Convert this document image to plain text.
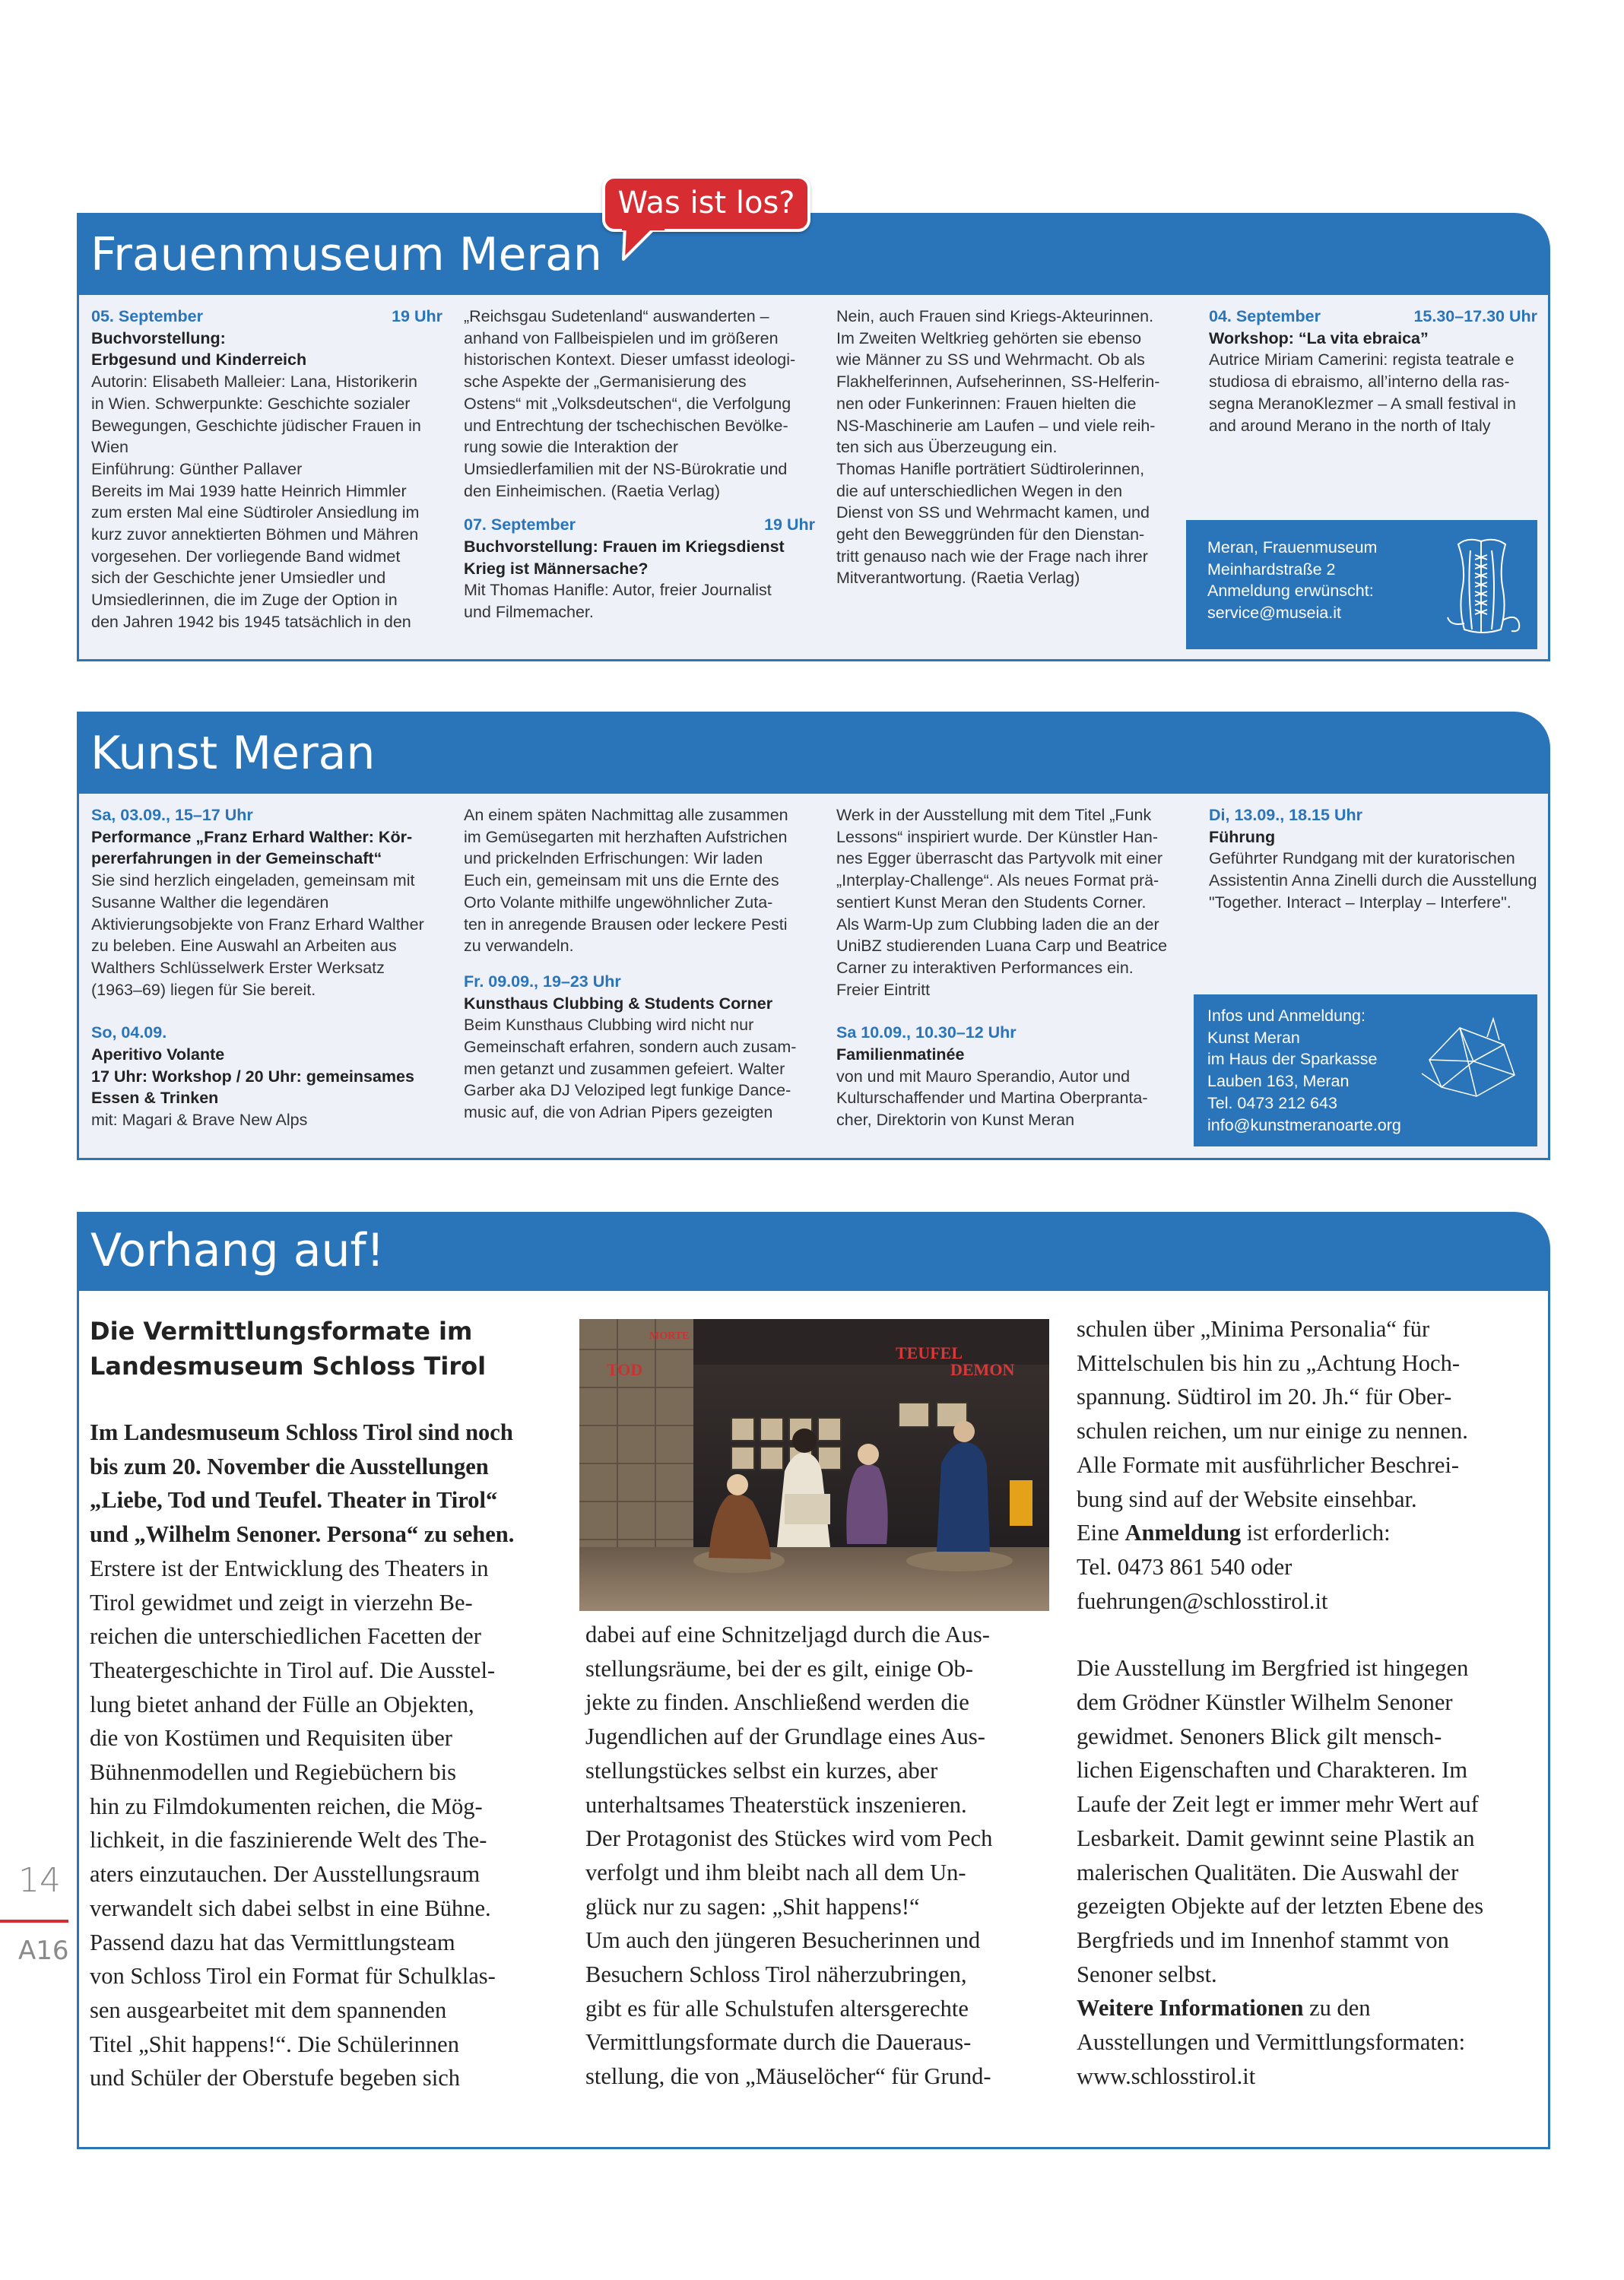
Frauenmuseum Meran
05. September	19 Uhr

Buchvorstellung:

Erbgesund und Kinderreich

Autorin: Elisabeth Malleier: Lana, Historikerin

in Wien. Schwerpunkte: Geschichte sozialer

Bewegungen, Geschichte jüdischer Frauen in

Wien

Einführung: Günther Pallaver

Bereits im Mai 1939 hatte Heinrich Himmler

zum ersten Mal eine Südtiroler Ansiedlung im

kurz zuvor annektierten Böhmen und Mähren

vorgesehen. Der vorliegende Band widmet

sich der Geschichte jener Umsiedler und

Umsiedlerinnen, die im Zuge der Option in

den Jahren 1942 bis 1945 tatsächlich in den

„Reichsgau Sudetenland“ auswanderten –

anhand von Fallbeispielen und im größeren

historischen Kontext. Dieser umfasst ideologi-

sche Aspekte der „Germanisierung des

Ostens“ mit „Volksdeutschen“, die Verfolgung

und Entrechtung der tschechischen Bevölke-

rung sowie die Interaktion der

Umsiedlerfamilien mit der NS-Bürokratie und

den Einheimischen. (Raetia Verlag)

07. September	19 Uhr

Buchvorstellung: Frauen im Kriegsdienst

Krieg ist Männersache?

Mit Thomas Hanifle: Autor, freier Journalist

und Filmemacher.

Nein, auch Frauen sind Kriegs-Akteurinnen.

Im Zweiten Weltkrieg gehörten sie ebenso

wie Männer zu SS und Wehrmacht. Ob als

Flakhelferinnen, Aufseherinnen, SS-Helferin-

nen oder Funkerinnen: Frauen hielten die

NS-Maschinerie am Laufen – und viele reih-

ten sich aus Überzeugung ein.

Thomas Hanifle porträtiert Südtirolerinnen,

die auf unterschiedlichen Wegen in den

Dienst von SS und Wehrmacht kamen, und

geht den Beweggründen für den Dienstan-

tritt genauso nach wie der Frage nach ihrer

Mitverantwortung. (Raetia Verlag)

04. September	15.30–17.30 Uhr

Workshop: “La vita ebraica”

Autrice Miriam Camerini: regista teatrale e

studiosa di ebraismo, all’interno della ras-

segna MeranoKlezmer – A small festival in

and around Merano in the north of Italy

Meran, Frauenmuseum

Meinhardstraße 2

Anmeldung erwünscht:

service@museia.it

Was ist los?
Kunst Meran

Sa, 03.09., 15–17 Uhr

Performance „Franz Erhard Walther: Kör-

pererfahrungen in der Gemeinschaft“

Sie sind herzlich eingeladen, gemeinsam mit

Susanne Walther die legendären

Aktivierungsobjekte von Franz Erhard Walther

zu beleben. Eine Auswahl an Arbeiten aus

Walthers Schlüsselwerk Erster Werksatz

(1963–69) liegen für Sie bereit.

So, 04.09.

Aperitivo Volante

17 Uhr: Workshop / 20 Uhr: gemeinsames

Essen & Trinken

mit: Magari & Brave New Alps

An einem späten Nachmittag alle zusammen

im Gemüsegarten mit herzhaften Aufstrichen

und prickelnden Erfrischungen: Wir laden

Euch ein, gemeinsam mit uns die Ernte des

Orto Volante mithilfe ungewöhnlicher Zuta-

ten in anregende Brausen oder leckere Pesti

zu verwandeln.

Fr. 09.09., 19–23 Uhr

Kunsthaus Clubbing & Students Corner

Beim Kunsthaus Clubbing wird nicht nur

Gemeinschaft erfahren, sondern auch zusam-

men getanzt und zusammen gefeiert. Walter

Garber aka DJ Veloziped legt funkige Dance-

music auf, die von Adrian Pipers gezeigten

Werk in der Ausstellung mit dem Titel „Funk

Lessons“ inspiriert wurde. Der Künstler Han-

nes Egger überrascht das Partyvolk mit einer

„Interplay-Challenge“. Als neues Format prä-

sentiert Kunst Meran den Students Corner.

Als Warm-Up zum Clubbing laden die an der

UniBZ studierenden Luana Carp und Beatrice

Carner zu interaktiven Performances ein.

Freier Eintritt

Sa 10.09., 10.30–12 Uhr

Familienmatinée

von und mit Mauro Sperandio, Autor und

Kulturschaffender und Martina Oberpranta-

cher, Direktorin von Kunst Meran

Di, 13.09., 18.15 Uhr

Führung

Geführter Rundgang mit der kuratorischen

Assistentin Anna Zinelli durch die Ausstellung

"Together. Interact – Interplay – Interfere".

Infos und Anmeldung:

Kunst Meran

im Haus der Sparkasse

Lauben 163, Meran

Tel. 0473 212 643

info@kunstmeranoarte.org

Vorhang auf!

Die Vermittlungsformate im

Landesmuseum Schloss Tirol

Im Landesmuseum Schloss Tirol sind noch

bis zum 20. November die Ausstellungen

„Liebe, Tod und Teufel. Theater in Tirol“

und „Wilhelm Senoner. Persona“ zu sehen.

Erstere ist der Entwicklung des Theaters in

Tirol gewidmet und zeigt in vierzehn Be-

reichen die unterschiedlichen Facetten der

Theatergeschichte in Tirol auf. Die Ausstel-

lung bietet anhand der Fülle an Objekten,

die von Kostümen und Requisiten über

Bühnenmodellen und Regiebüchern bis

hin zu Filmdokumenten reichen, die Mög-

lichkeit, in die faszinierende Welt des The-

aters einzutauchen. Der Ausstellungsraum

verwandelt sich dabei selbst in eine Bühne.

Passend dazu hat das Vermittlungsteam

von Schloss Tirol ein Format für Schulklas-

sen ausgearbeitet mit dem spannenden

Titel „Shit happens!“. Die Schülerinnen

und Schüler der Oberstufe begeben sich

TEUFEL
DEMON
TOD
MORTE

dabei auf eine Schnitzeljagd durch die Aus-

stellungsräume, bei der es gilt, einige Ob-

jekte zu finden. Anschließend werden die

Jugendlichen auf der Grundlage eines Aus-

stellungstückes selbst ein kurzes, aber

unterhaltsames Theaterstück inszenieren.

Der Protagonist des Stückes wird vom Pech

verfolgt und ihm bleibt nach all dem Un-

glück nur zu sagen: „Shit happens!“

Um auch den jüngeren Besucherinnen und

Besuchern Schloss Tirol näherzubringen,

gibt es für alle Schulstufen altersgerechte

Vermittlungsformate durch die Daueraus-

stellung, die von „Mäuselöcher“ für Grund-

schulen über „Minima Personalia“ für

Mittelschulen bis hin zu „Achtung Hoch-

spannung. Südtirol im 20. Jh.“ für Ober-

schulen reichen, um nur einige zu nennen.

Alle Formate mit ausführlicher Beschrei-

bung sind auf der Website einsehbar.

Eine Anmeldung ist erforderlich:

Tel. 0473 861 540 oder

fuehrungen@schlosstirol.it

Die Ausstellung im Bergfried ist hingegen

dem Grödner Künstler Wilhelm Senoner

gewidmet. Senoners Blick gilt mensch-

lichen Eigenschaften und Charakteren. Im

Laufe der Zeit legt er immer mehr Wert auf

Lesbarkeit. Damit gewinnt seine Plastik an

malerischen Qualitäten. Die Auswahl der

gezeigten Objekte auf der letzten Ebene des

Bergfrieds und im Innenhof stammt von

Senoner selbst.

Weitere Informationen zu den

Ausstellungen und Vermittlungsformaten:

www.schlosstirol.it

14
A16
